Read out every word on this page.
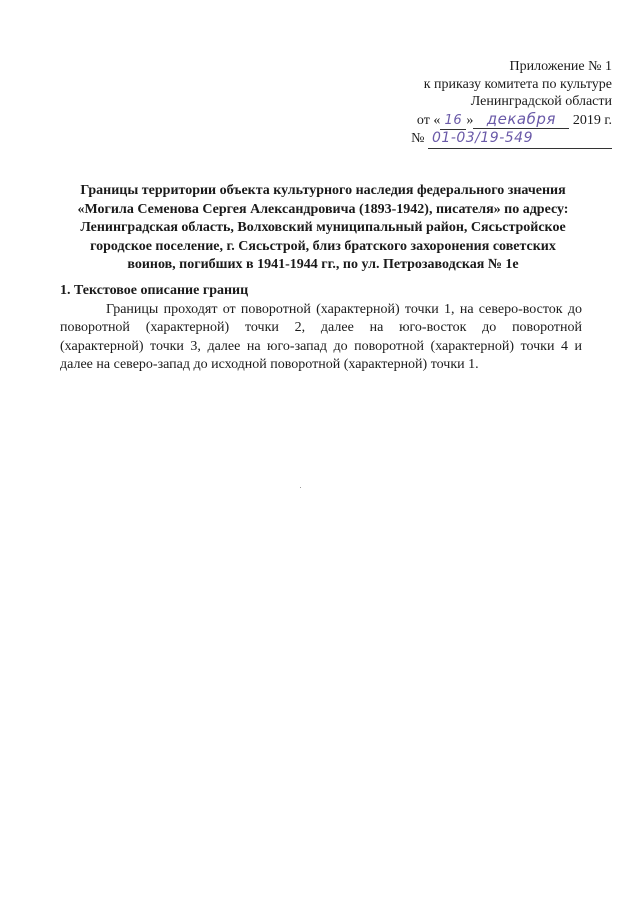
Приложение № 1
к приказу комитета по культуре
Ленинградской области
от « 16 » декабря 2019 г.
№ 01-03/19-549
Границы территории объекта культурного наследия федерального значения
«Могила Семенова Сергея Александровича (1893-1942), писателя» по адресу:
Ленинградская область, Волховский муниципальный район, Сясьстройское
городское поселение, г. Сясьстрой, близ братского захоронения советских
воинов, погибших в 1941-1944 гг., по ул. Петрозаводская № 1е
1. Текстовое описание границ
Границы проходят от поворотной (характерной) точки 1, на северо-восток до
поворотной (характерной) точки 2, далее на юго-восток до поворотной
(характерной) точки 3, далее на юго-запад до поворотной (характерной) точки 4 и
далее на северо-запад до исходной поворотной (характерной) точки 1.
